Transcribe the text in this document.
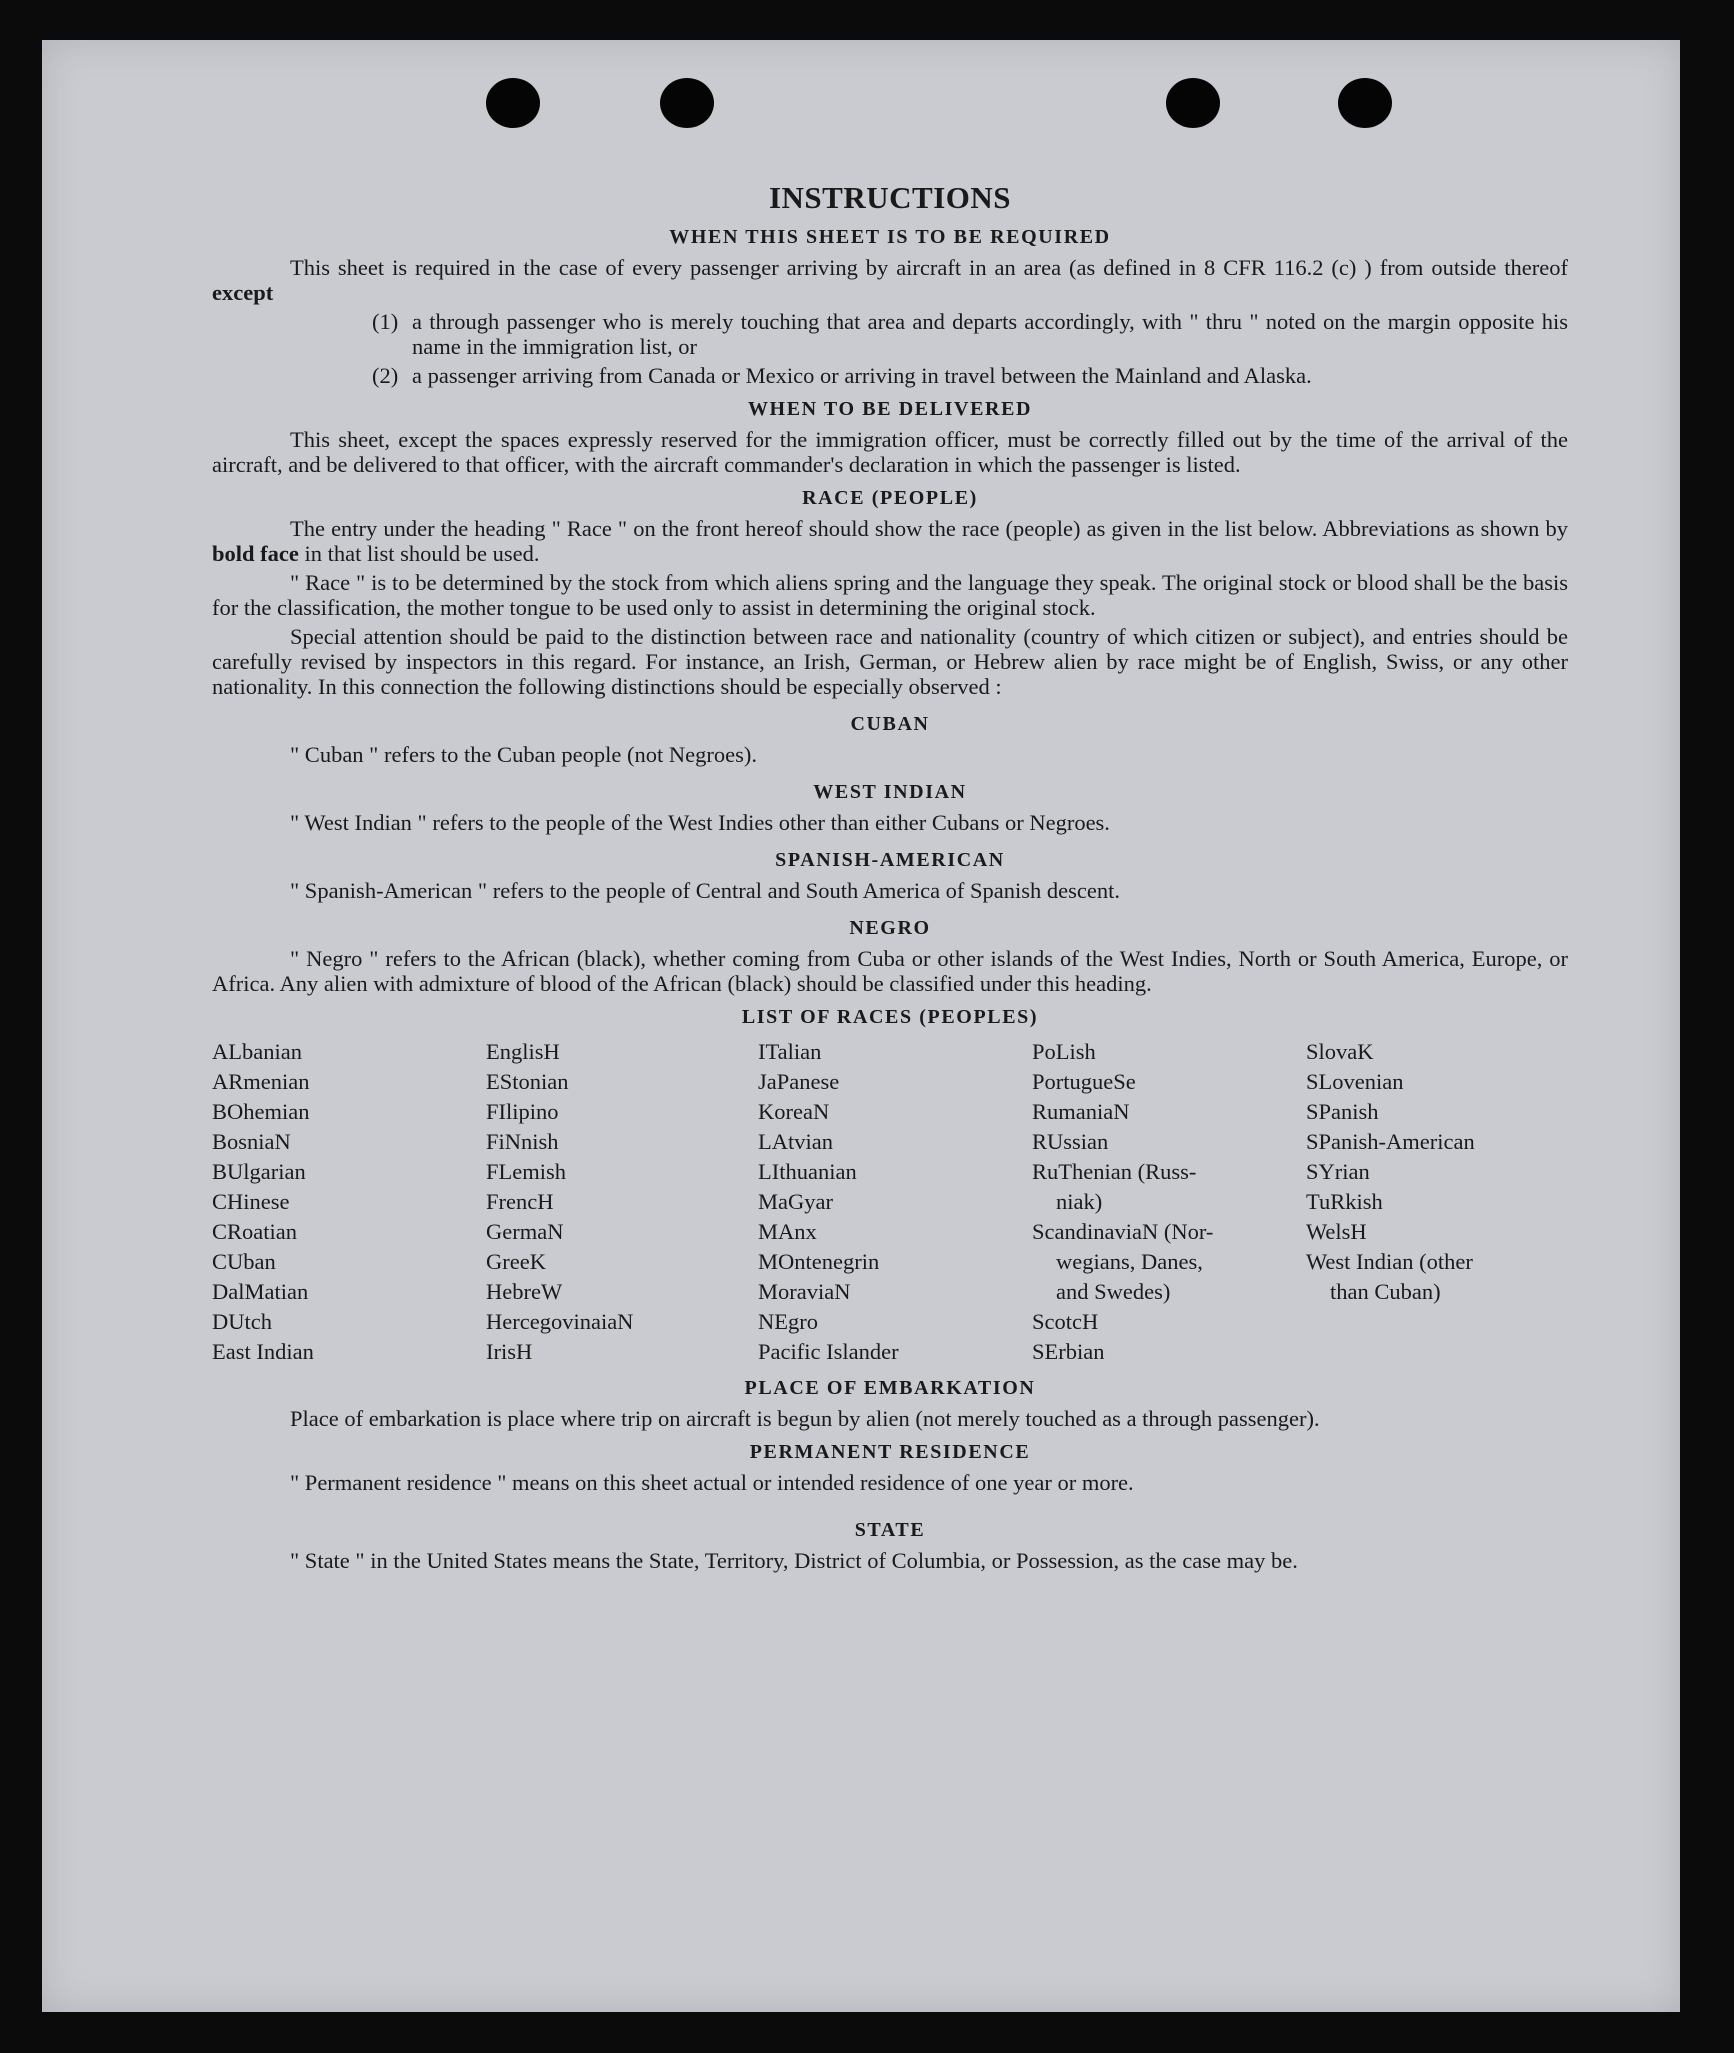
INSTRUCTIONS
WHEN THIS SHEET IS TO BE REQUIRED

This sheet is required in the case of every passenger arriving by aircraft in an area (as defined in 8 CFR 116.2 (c) ) from outside thereof except

(1) a through passenger who is merely touching that area and departs accordingly, with " thru " noted on the margin opposite his name in the immigration list, or
(2) a passenger arriving from Canada or Mexico or arriving in travel between the Mainland and Alaska.
WHEN TO BE DELIVERED

This sheet, except the spaces expressly reserved for the immigration officer, must be correctly filled out by the time of the arrival of the aircraft, and be delivered to that officer, with the aircraft commander's declaration in which the passenger is listed.

RACE (PEOPLE)

The entry under the heading " Race " on the front hereof should show the race (people) as given in the list below. Abbreviations as shown by bold face in that list should be used.

" Race " is to be determined by the stock from which aliens spring and the language they speak. The original stock or blood shall be the basis for the classification, the mother tongue to be used only to assist in determining the original stock.

Special attention should be paid to the distinction between race and nationality (country of which citizen or subject), and entries should be carefully revised by inspectors in this regard. For instance, an Irish, German, or Hebrew alien by race might be of English, Swiss, or any other nationality. In this connection the following distinctions should be especially observed :

CUBAN

" Cuban " refers to the Cuban people (not Negroes).

WEST INDIAN

" West Indian " refers to the people of the West Indies other than either Cubans or Negroes.

SPANISH-AMERICAN

" Spanish-American " refers to the people of Central and South America of Spanish descent.

NEGRO

" Negro " refers to the African (black), whether coming from Cuba or other islands of the West Indies, North or South America, Europe, or Africa. Any alien with admixture of blood of the African (black) should be classified under this heading.

LIST OF RACES (PEOPLES)
ALbanian
ARmenian
BOhemian
BosniaN
BUlgarian
CHinese
CRoatian
CUban
DalMatian
DUtch
East Indian
EnglisH
EStonian
FIlipino
FiNnish
FLemish
FrencH
GermaN
GreeK
HebreW
HercegovinaiaN
IrisH
ITalian
JaPanese
KoreaN
LAtvian
LIthuanian
MaGyar
MAnx
MOntenegrin
MoraviaN
NEgro
Pacific Islander
PoLish
PortugueSe
RumaniaN
RUssian
RuThenian (Russ-
niak)
ScandinaviaN (Nor-
wegians, Danes,
and Swedes)
ScotcH
SErbian
SlovaK
SLovenian
SPanish
SPanish-American
SYrian
TuRkish
WelsH
West Indian (other
than Cuban)
PLACE OF EMBARKATION

Place of embarkation is place where trip on aircraft is begun by alien (not merely touched as a through passenger).

PERMANENT RESIDENCE

" Permanent residence " means on this sheet actual or intended residence of one year or more.

STATE

" State " in the United States means the State, Territory, District of Columbia, or Possession, as the case may be.
